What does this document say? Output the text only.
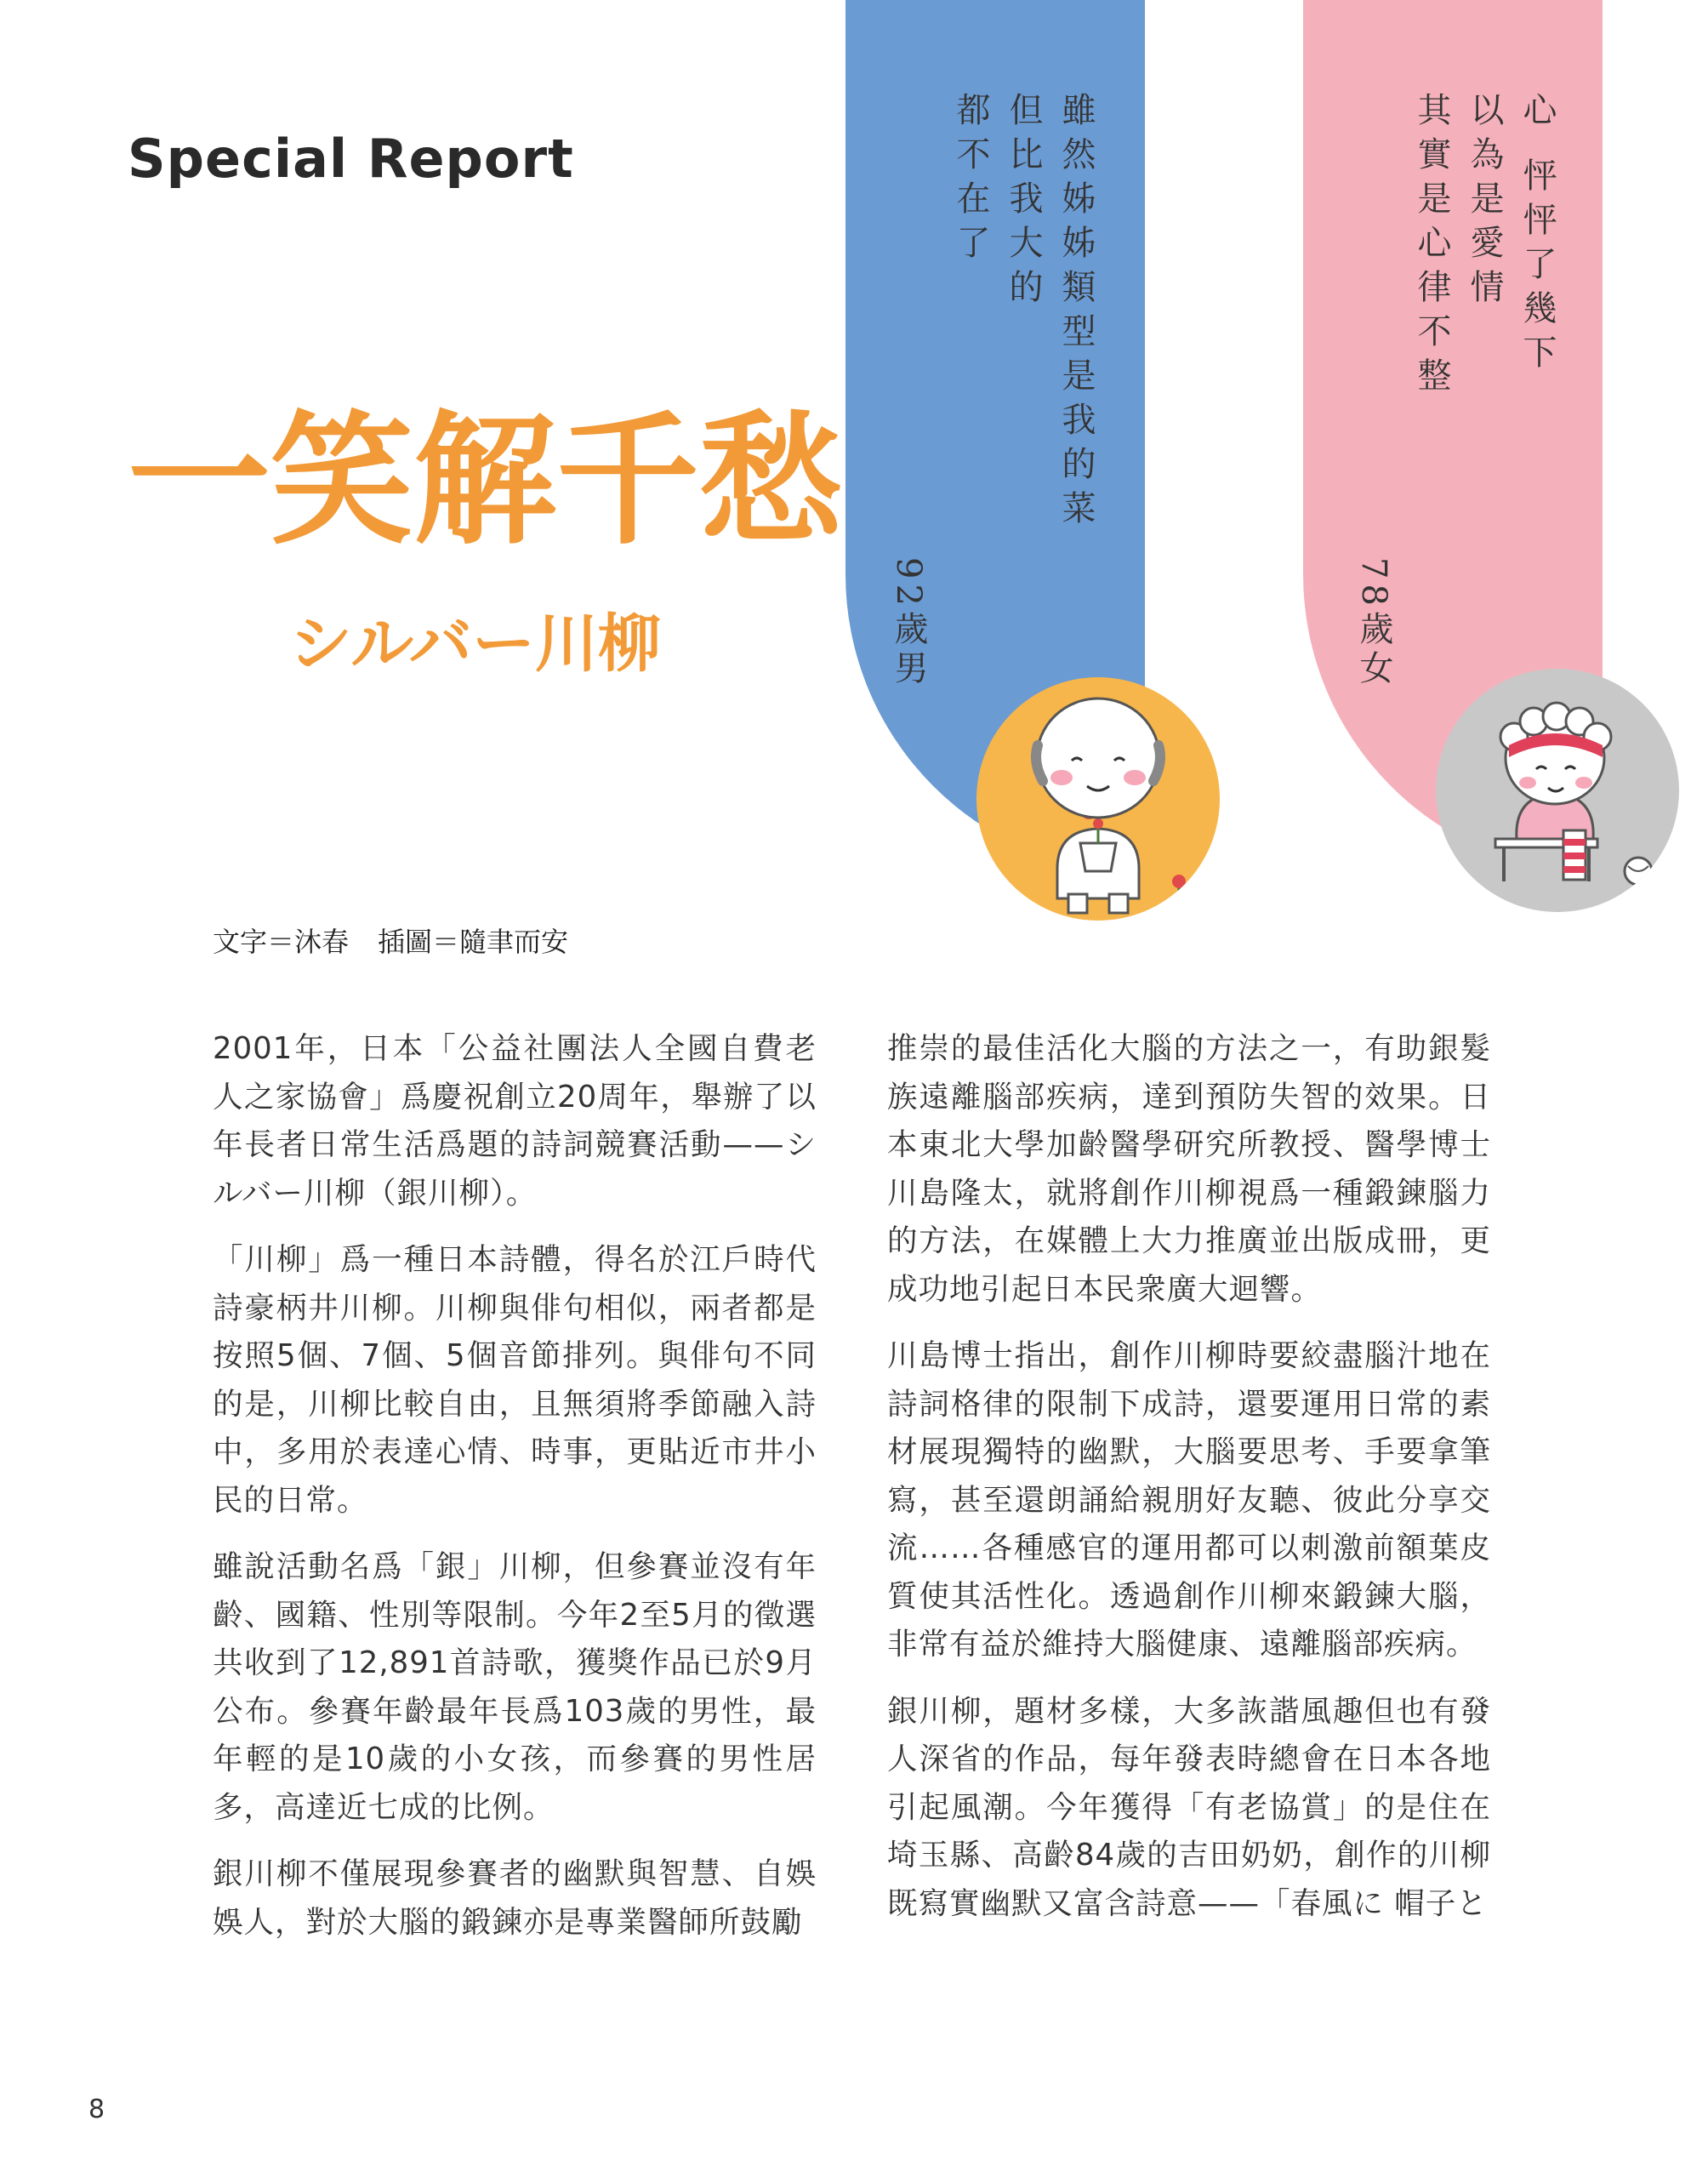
Special Report
一笑解千愁
シルバー川柳
文字＝沐春 插圖＝隨聿而安
雖然姊姊類型是我的菜
但比我大的
都不在了
92歲男
心 怦怦了幾下
以為是愛情
其實是心律不整
78歲女

2001年，日本「公益社團法人全國自費老人之家協會」爲慶祝創立20周年，舉辦了以年長者日常生活爲題的詩詞競賽活動——シルバー川柳（銀川柳）。

「川柳」爲一種日本詩體，得名於江戶時代詩豪柄井川柳。川柳與俳句相似，兩者都是按照5個、7個、5個音節排列。與俳句不同的是，川柳比較自由，且無須將季節融入詩中，多用於表達心情、時事，更貼近市井小民的日常。

雖說活動名爲「銀」川柳，但參賽並沒有年齡、國籍、性別等限制。今年2至5月的徵選共收到了12,891首詩歌，獲獎作品已於9月公布。參賽年齡最年長爲103歲的男性，最年輕的是10歲的小女孩，而參賽的男性居多，高達近七成的比例。

銀川柳不僅展現參賽者的幽默與智慧、自娛娛人，對於大腦的鍛鍊亦是專業醫師所鼓勵

推崇的最佳活化大腦的方法之一，有助銀髮族遠離腦部疾病，達到預防失智的效果。日本東北大學加齡醫學研究所教授、醫學博士川島隆太，就將創作川柳視爲一種鍛鍊腦力的方法，在媒體上大力推廣並出版成冊，更成功地引起日本民衆廣大迴響。

川島博士指出，創作川柳時要絞盡腦汁地在詩詞格律的限制下成詩，還要運用日常的素材展現獨特的幽默，大腦要思考、手要拿筆寫，甚至還朗誦給親朋好友聽、彼此分享交流……各種感官的運用都可以刺激前額葉皮質使其活性化。透過創作川柳來鍛鍊大腦，非常有益於維持大腦健康、遠離腦部疾病。

銀川柳，題材多樣，大多詼諧風趣但也有發人深省的作品，每年發表時總會在日本各地引起風潮。今年獲得「有老協賞」的是住在埼玉縣、高齡84歲的吉田奶奶，創作的川柳既寫實幽默又富含詩意——「春風に 帽子と

8
